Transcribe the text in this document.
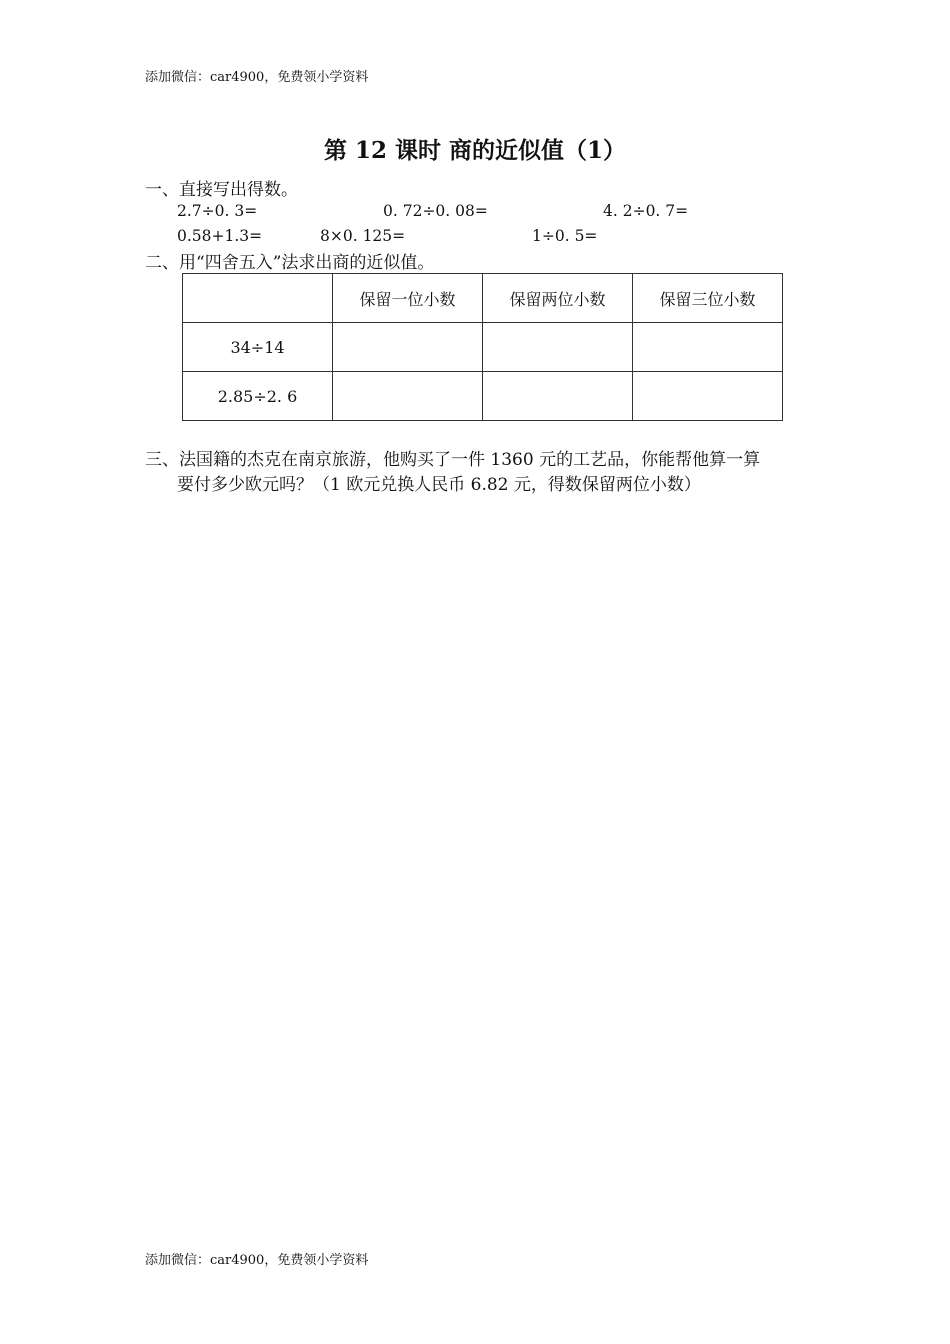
添加微信：car4900，免费领小学资料
第 12 课时 商的近似值（1）
一、直接写出得数。
2.7÷0. 3=	0. 72÷0. 08=	4. 2÷0. 7=
0.58+1.3=	8×0. 125=	1÷0. 5=
二、用“四舍五入”法求出商的近似值。
	保留一位小数	保留两位小数	保留三位小数
34÷14			
2.85÷2. 6			
三、法国籍的杰克在南京旅游，他购买了一件 1360 元的工艺品，你能帮他算一算
要付多少欧元吗？（1 欧元兑换人民币 6.82 元，得数保留两位小数）
添加微信：car4900，免费领小学资料
